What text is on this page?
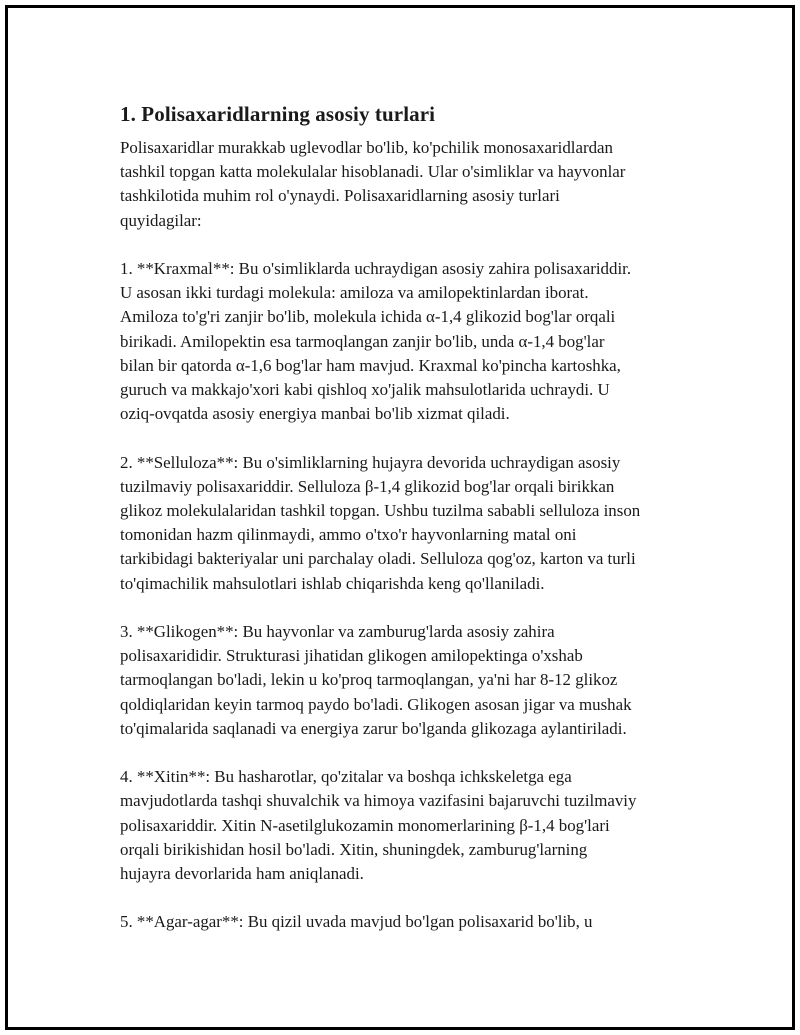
1. Polisaxaridlarning asosiy turlari

Polisaxaridlar murakkab uglevodlar bo'lib, ko'pchilik monosaxaridlardan
tashkil topgan katta molekulalar hisoblanadi. Ular o'simliklar va hayvonlar
tashkilotida muhim rol o'ynaydi. Polisaxaridlarning asosiy turlari
quyidagilar:

1. **Kraxmal**: Bu o'simliklarda uchraydigan asosiy zahira polisaxariddir.
U asosan ikki turdagi molekula: amiloza va amilopektinlardan iborat.
Amiloza to'g'ri zanjir bo'lib, molekula ichida α-1,4 glikozid bog'lar orqali
birikadi. Amilopektin esa tarmoqlangan zanjir bo'lib, unda α-1,4 bog'lar
bilan bir qatorda α-1,6 bog'lar ham mavjud. Kraxmal ko'pincha kartoshka,
guruch va makkajo'xori kabi qishloq xo'jalik mahsulotlarida uchraydi. U
oziq-ovqatda asosiy energiya manbai bo'lib xizmat qiladi.

2. **Selluloza**: Bu o'simliklarning hujayra devorida uchraydigan asosiy
tuzilmaviy polisaxariddir. Selluloza β-1,4 glikozid bog'lar orqali birikkan
glikoz molekulalaridan tashkil topgan. Ushbu tuzilma sababli selluloza inson
tomonidan hazm qilinmaydi, ammo o'txo'r hayvonlarning matal oni
tarkibidagi bakteriyalar uni parchalay oladi. Selluloza qog'oz, karton va turli
to'qimachilik mahsulotlari ishlab chiqarishda keng qo'llaniladi.

3. **Glikogen**: Bu hayvonlar va zamburug'larda asosiy zahira
polisaxarididir. Strukturasi jihatidan glikogen amilopektinga o'xshab
tarmoqlangan bo'ladi, lekin u ko'proq tarmoqlangan, ya'ni har 8-12 glikoz
qoldiqlaridan keyin tarmoq paydo bo'ladi. Glikogen asosan jigar va mushak
to'qimalarida saqlanadi va energiya zarur bo'lganda glikozaga aylantiriladi.

4. **Xitin**: Bu hasharotlar, qo'zitalar va boshqa ichkskeletga ega
mavjudotlarda tashqi shuvalchik va himoya vazifasini bajaruvchi tuzilmaviy
polisaxariddir. Xitin N-asetilglukozamin monomerlarining β-1,4 bog'lari
orqali birikishidan hosil bo'ladi. Xitin, shuningdek, zamburug'larning
hujayra devorlarida ham aniqlanadi.

5. **Agar-agar**: Bu qizil uvada mavjud bo'lgan polisaxarid bo'lib, u
